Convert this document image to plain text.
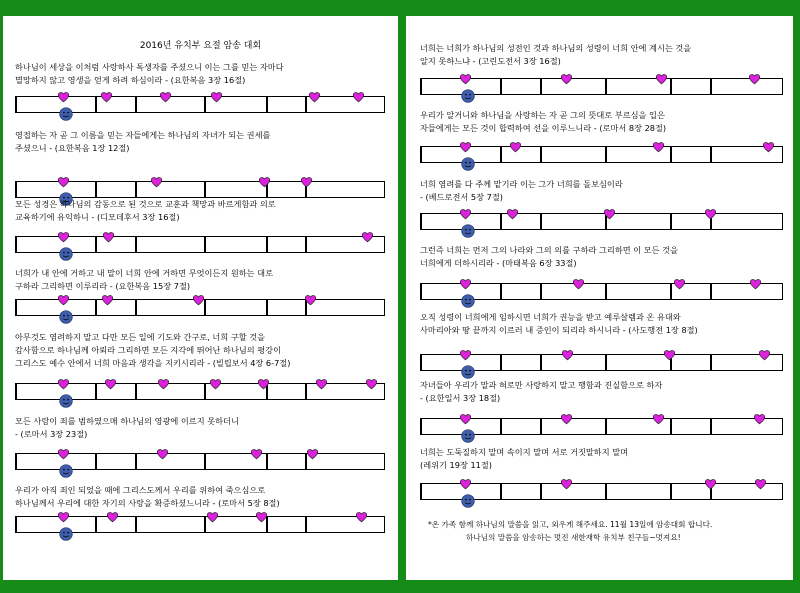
2016년 유치부 요절 암송 대회
하나님이 세상을 이처럼 사랑하사 독생자를 주셨으니 이는 그를 믿는 자마다
멸망하지 않고 영생을 얻게 하려 하심이라 - (요한복음 3장 16절)
영접하는 자 곧 그 이름을 믿는 자들에게는 하나님의 자녀가 되는 권세를
주셨으니 - (요한복음 1장 12절)
모든 성경은 하나님의 감동으로 된 것으로 교훈과 책망과 바르게함과 의로
교육하기에 유익하니 - (디모데후서 3장 16절)
너희가 내 안에 거하고 내 말이 너희 안에 거하면 무엇이든지 원하는 대로
구하라 그리하면 이루리라 - (요한복음 15장 7절)
아무것도 염려하지 말고 다만 모든 일에 기도와 간구로, 너희 구할 것을
감사함으로 하나님께 아뢰라 그리하면 모든 지각에 뛰어난 하나님의 평강이
그리스도 예수 안에서 너희 마음과 생각을 지키시리라 - (빌립보서 4장 6-7절)
모든 사람이 죄를 범하였으매 하나님의 영광에 이르지 못하더니
- (로마서 3장 23절)
우리가 아직 죄인 되었을 때에 그리스도께서 우리를 위하여 죽으심으로
하나님께서 우리에 대한 자기의 사랑을 확증하셨느니라 - (로마서 5장 8절)
*온 가족 함께 하나님의 말씀을 읽고, 외우게 해주세요. 11월 13일에 암송대회 합니다.
하나님의 말씀을 암송하는 멋진 새한재학 유치부 친구들~멋져요!
너희는 너희가 하나님의 성전인 것과 하나님의 성령이 너희 안에 계시는 것을
알지 못하느냐 - (고린도전서 3장 16절)
우리가 알거니와 하나님을 사랑하는 자 곧 그의 뜻대로 부르심을 입은
자들에게는 모든 것이 합력하여 선을 이루느니라 - (로마서 8장 28절)
너희 염려를 다 주께 맡기라 이는 그가 너희를 돌보심이라
- (베드로전서 5장 7절)
그런즉 너희는 먼저 그의 나라와 그의 의를 구하라 그리하면 이 모든 것을
너희에게 더하시리라 - (마태복음 6장 33절)
오직 성령이 너희에게 임하시면 너희가 권능을 받고 예루살렘과 온 유대와
사마리아와 땅 끝까지 이르러 내 증인이 되리라 하시니라 - (사도행전 1장 8절)
자녀들아 우리가 말과 혀로만 사랑하지 말고 행함과 진실함으로 하자
- (요한일서 3장 18절)
너희는 도둑질하지 말며 속이지 말며 서로 거짓말하지 말며
(레위기 19장 11절)
